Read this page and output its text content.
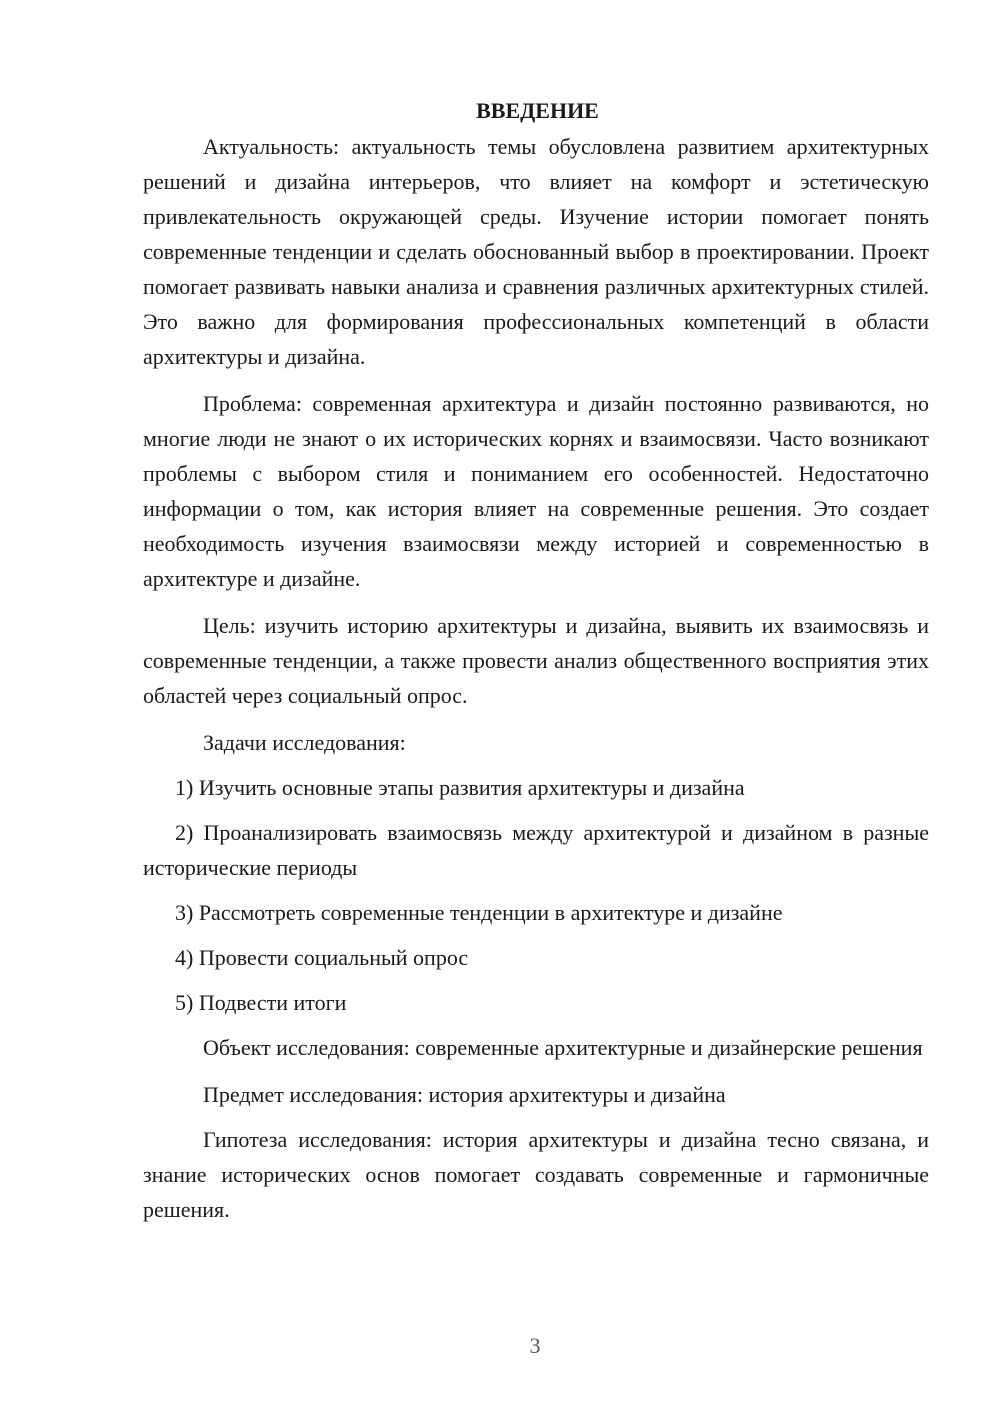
ВВЕДЕНИЕ

Актуальность: актуальность темы обусловлена развитием архитектурных решений и дизайна интерьеров, что влияет на комфорт и эстетическую привлекательность окружающей среды. Изучение истории помогает понять современные тенденции и сделать обоснованный выбор в проектировании. Проект помогает развивать навыки анализа и сравнения различных архитектурных стилей. Это важно для формирования профессиональных компетенций в области архитектуры и дизайна.

Проблема: современная архитектура и дизайн постоянно развиваются, но многие люди не знают о их исторических корнях и взаимосвязи. Часто возникают проблемы с выбором стиля и пониманием его особенностей. Недостаточно информации о том, как история влияет на современные решения. Это создает необходимость изучения взаимосвязи между историей и современностью в архитектуре и дизайне.

Цель: изучить историю архитектуры и дизайна, выявить их взаимосвязь и современные тенденции, а также провести анализ общественного восприятия этих областей через социальный опрос.

Задачи исследования:

1) Изучить основные этапы развития архитектуры и дизайна

2) Проанализировать взаимосвязь между архитектурой и дизайном в разные исторические периоды

3) Рассмотреть современные тенденции в архитектуре и дизайне

4) Провести социальный опрос

5) Подвести итоги

Объект исследования: современные архитектурные и дизайнерские решения

Предмет исследования: история архитектуры и дизайна

Гипотеза исследования: история архитектуры и дизайна тесно связана, и знание исторических основ помогает создавать современные и гармоничные решения.

3
